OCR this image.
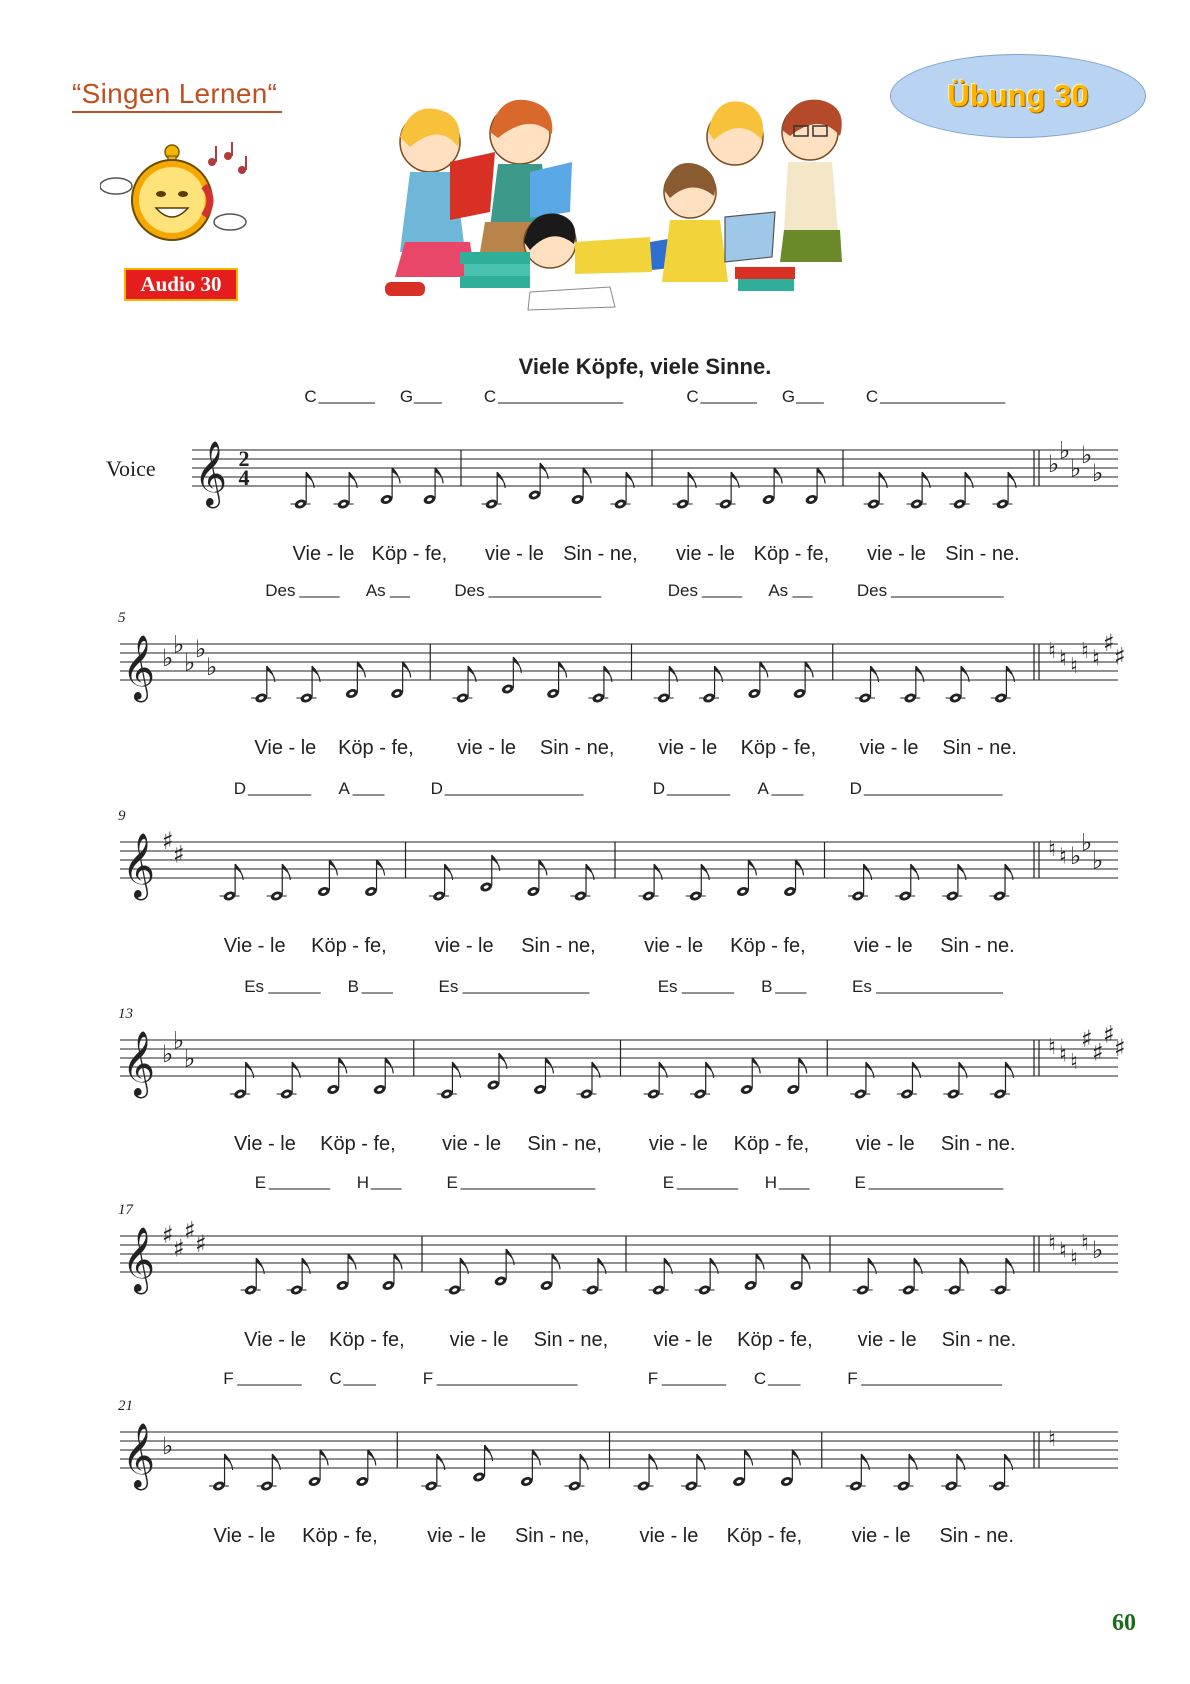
“Singen Lernen“
Audio 30
Übung 30
Viele Köpfe, viele Sinne.
Voice 𝄞 2
4	♭ ♭
♭ ♭
♭
C	G	C	C	G	C
Vie - le Köp - fe, vie - le Sin - ne, vie - le Köp - fe, vie - le Sin - ne.
5
𝄞 ♭ ♭
♭ ♭
♭
♮ ♮ ♮
♮ ♮
♯ ♯
Des	As	Des	Des	As	Des
Vie - le Köp - fe, vie - le Sin - ne, vie - le Köp - fe, vie - le Sin - ne.
9
𝄞 ♯ ♯	♮ ♮ ♭ ♭
♭
D	A	D	D	A	D
Vie - le Köp - fe, vie - le Sin - ne, vie - le Köp - fe, vie - le Sin - ne.
13
𝄞 ♭ ♭
♭	♮ ♮ ♮
♯ ♯
♯ ♯
Es	B	Es	Es	B	Es
Vie - le Köp - fe, vie - le Sin - ne, vie - le Köp - fe, vie - le Sin - ne.
17
𝄞 ♯ ♯
♯ ♯	♮ ♮ ♮
♮ ♭
E	H	E	E	H	E
Vie - le Köp - fe, vie - le Sin - ne, vie - le Köp - fe, vie - le Sin - ne.
21
𝄞 ♭	♮
F	C	F	F	C	F
Vie - le Köp - fe, vie - le Sin - ne,	vie - le Köp - fe, vie - le Sin - ne.
60
